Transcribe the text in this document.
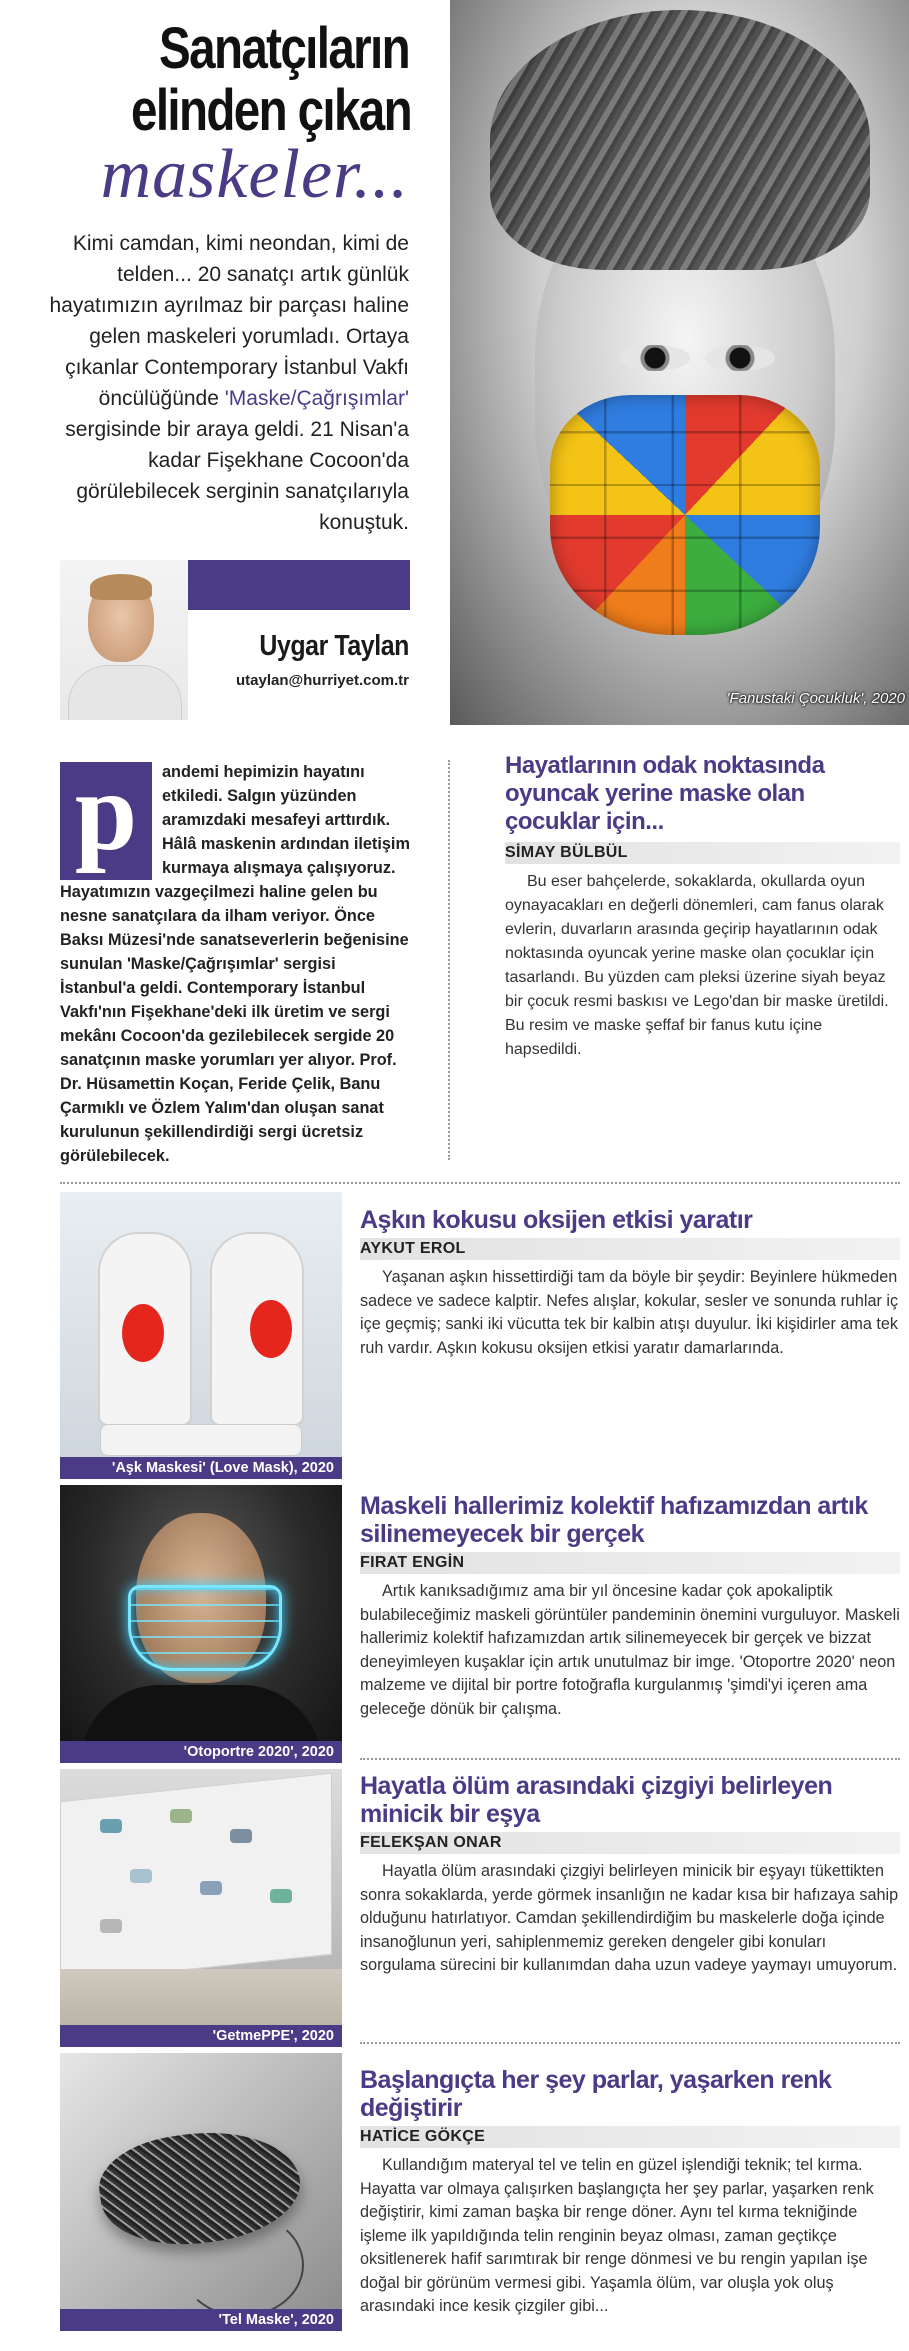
Sanatçıların
elinden çıkan
maskeler...
Kimi camdan, kimi neondan, kimi de telden... 20 sanatçı artık günlük hayatımızın ayrılmaz bir parçası haline gelen maskeleri yorumladı. Ortaya çıkanlar Contemporary İstanbul Vakfı öncülüğünde 'Maske/Çağrışımlar' sergisinde bir araya geldi. 21 Nisan'a kadar Fişekhane Cocoon'da görülebilecek serginin sanatçılarıyla konuştuk.
'Fanustaki Çocukluk', 2020
Uygar Taylan
utaylan@hurriyet.com.tr
p	andemi hepimizin hayatını etkiledi. Salgın yüzünden aramızdaki mesafeyi arttırdık. Hâlâ maskenin ardından iletişim kurmaya alışmaya çalışıyoruz. Hayatımızın vazgeçilmezi haline gelen bu nesne sanatçılara da ilham veriyor. Önce Baksı Müzesi'nde sanatseverlerin beğenisine sunulan 'Maske/Çağrışımlar' sergisi İstanbul'a geldi. Contemporary İstanbul Vakfı'nın Fişekhane'deki ilk üretim ve sergi mekânı Cocoon'da gezilebilecek sergide 20 sanatçının maske yorumları yer alıyor. Prof. Dr. Hüsamettin Koçan, Feride Çelik, Banu Çarmıklı ve Özlem Yalım'dan oluşan sanat kurulunun şekillendirdiği sergi ücretsiz görülebilecek.
Hayatlarının odak noktasında oyuncak yerine maske olan çocuklar için...
SİMAY BÜLBÜL
Bu eser bahçelerde, sokaklarda, okullarda oyun oynayacakları en değerli dönemleri, cam fanus olarak evlerin, duvarların arasında geçirip hayatlarının odak noktasında oyuncak yerine maske olan çocuklar için tasarlandı. Bu yüzden cam pleksi üzerine siyah beyaz bir çocuk resmi baskısı ve Lego'dan bir maske üretildi. Bu resim ve maske şeffaf bir fanus kutu içine hapsedildi.
'Aşk Maskesi' (Love Mask), 2020
Aşkın kokusu oksijen etkisi yaratır
AYKUT EROL
Yaşanan aşkın hissettirdiği tam da böyle bir şeydir: Beyinlere hükmeden sadece ve sadece kalptir. Nefes alışlar, kokular, sesler ve sonunda ruhlar iç içe geçmiş; sanki iki vücutta tek bir kalbin atışı duyulur. İki kişidirler ama tek ruh vardır. Aşkın kokusu oksijen etkisi yaratır damarlarında.
'Otoportre 2020', 2020
Maskeli hallerimiz kolektif hafızamızdan artık silinemeyecek bir gerçek
FIRAT ENGİN
Artık kanıksadığımız ama bir yıl öncesine kadar çok apokaliptik bulabileceğimiz maskeli görüntüler pandeminin önemini vurguluyor. Maskeli hallerimiz kolektif hafızamızdan artık silinemeyecek bir gerçek ve bizzat deneyimleyen kuşaklar için artık unutulmaz bir imge. 'Otoportre 2020' neon malzeme ve dijital bir portre fotoğrafla kurgulanmış 'şimdi'yi içeren ama geleceğe dönük bir çalışma.
'GetmePPE', 2020
Hayatla ölüm arasındaki çizgiyi belirleyen minicik bir eşya
FELEKŞAN ONAR
Hayatla ölüm arasındaki çizgiyi belirleyen minicik bir eşyayı tükettikten sonra sokaklarda, yerde görmek insanlığın ne kadar kısa bir hafızaya sahip olduğunu hatırlatıyor. Camdan şekillendirdiğim bu maskelerle doğa içinde insanoğlunun yeri, sahiplenmemiz gereken dengeler gibi konuları sorgulama sürecini bir kullanımdan daha uzun vadeye yaymayı umuyorum.
'Tel Maske', 2020
Başlangıçta her şey parlar, yaşarken renk değiştirir
HATİCE GÖKÇE
Kullandığım materyal tel ve telin en güzel işlendiği teknik; tel kırma. Hayatta var olmaya çalışırken başlangıçta her şey parlar, yaşarken renk değiştirir, kimi zaman başka bir renge döner. Aynı tel kırma tekniğinde işleme ilk yapıldığında telin renginin beyaz olması, zaman geçtikçe oksitlenerek hafif sarımtırak bir renge dönmesi ve bu rengin yapılan işe doğal bir görünüm vermesi gibi. Yaşamla ölüm, var oluşla yok oluş arasındaki ince kesik çizgiler gibi...
